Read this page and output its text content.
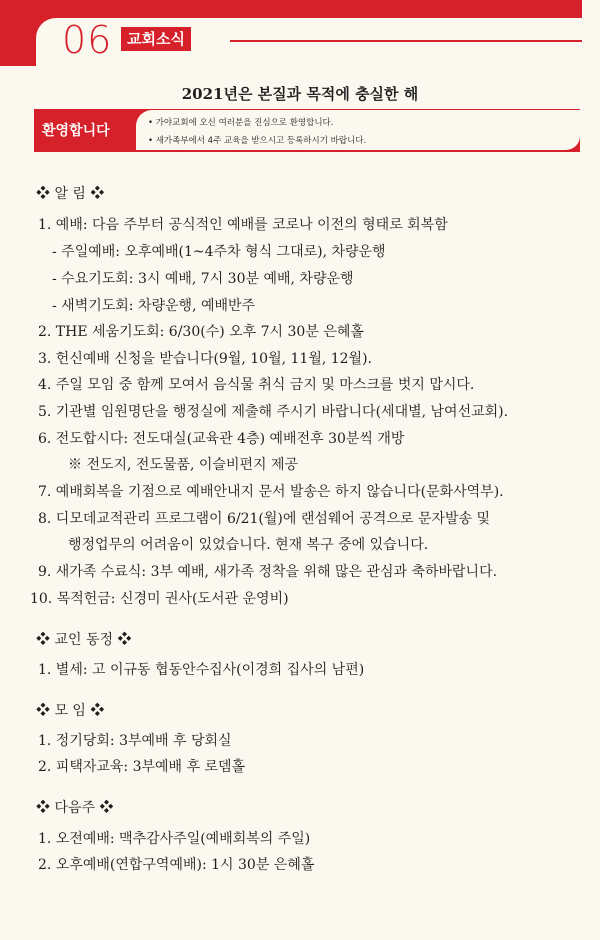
06 교회소식
2021년은 본질과 목적에 충실한 해
환영합니다	• 가야교회에 오신 여러분을 진심으로 환영합니다.
• 새가족부에서 4주 교육을 받으시고 등록하시기 바랍니다.
❖ 알 림 ❖
1. 예배: 다음 주부터 공식적인 예배를 코로나 이전의 형태로 회복함
- 주일예배: 오후예배(1~4주차 형식 그대로), 차량운행
- 수요기도회: 3시 예배, 7시 30분 예배, 차량운행
- 새벽기도회: 차량운행, 예배반주
2. THE 세움기도회: 6/30(수) 오후 7시 30분 은혜홀
3. 헌신예배 신청을 받습니다(9월, 10월, 11월, 12월).
4. 주일 모임 중 함께 모여서 음식물 취식 금지 및 마스크를 벗지 맙시다.
5. 기관별 임원명단을 행정실에 제출해 주시기 바랍니다(세대별, 남여선교회).
6. 전도합시다: 전도대실(교육관 4층) 예배전후 30분씩 개방
※ 전도지, 전도물품, 이슬비편지 제공
7. 예배회복을 기점으로 예배안내지 문서 발송은 하지 않습니다(문화사역부).
8. 디모데교적관리 프로그램이 6/21(월)에 랜섬웨어 공격으로 문자발송 및
행정업무의 어려움이 있었습니다. 현재 복구 중에 있습니다.
9. 새가족 수료식: 3부 예배, 새가족 정착을 위해 많은 관심과 축하바랍니다.
10. 목적헌금: 신경미 권사(도서관 운영비)
❖ 교인 동정 ❖
1. 별세: 고 이규동 협동안수집사(이경희 집사의 남편)
❖ 모 임 ❖
1. 정기당회: 3부예배 후 당회실
2. 피택자교육: 3부예배 후 로뎀홀
❖ 다음주 ❖
1. 오전예배: 맥추감사주일(예배회복의 주일)
2. 오후예배(연합구역예배): 1시 30분 은혜홀
